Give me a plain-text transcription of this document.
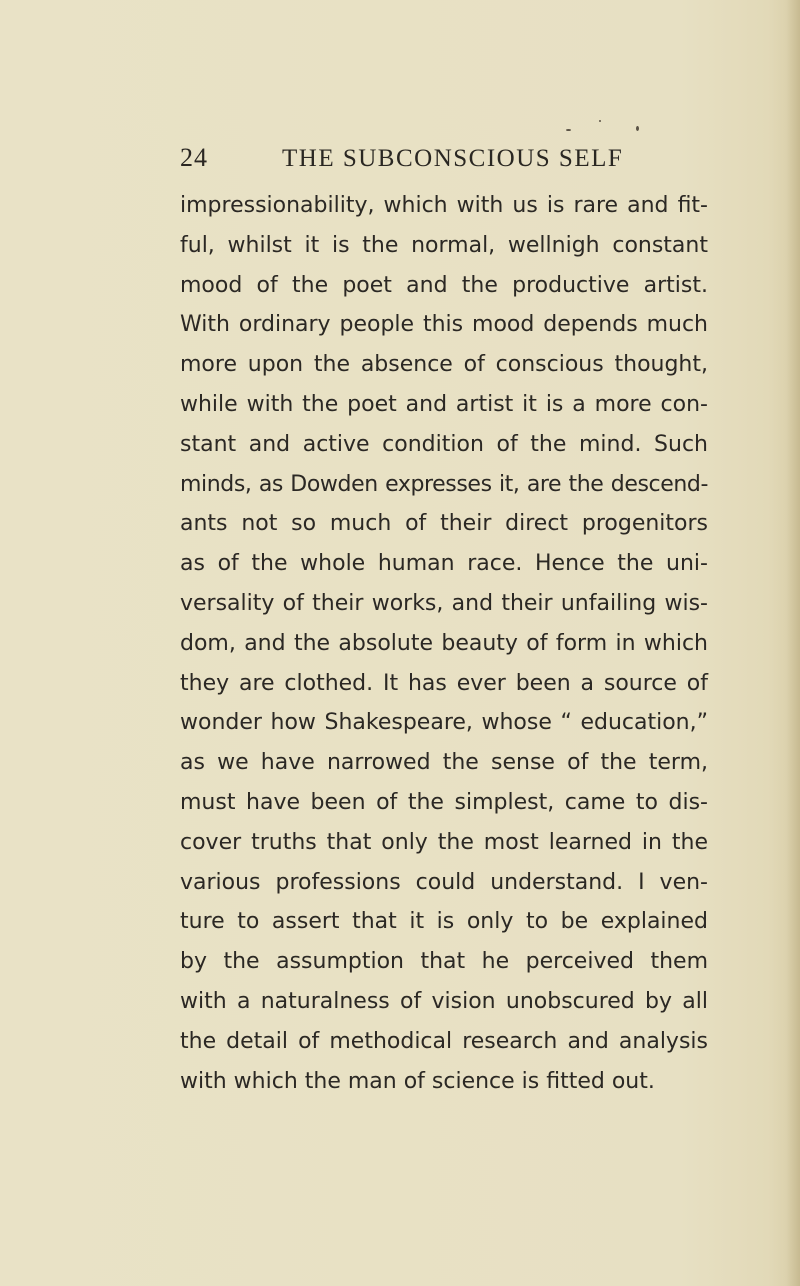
24	THE SUBCONSCIOUS SELF
impressionability, which with us is rare and fit-
ful, whilst it is the normal, wellnigh constant
mood of the poet and the productive artist.
With ordinary people this mood depends much
more upon the absence of conscious thought,
while with the poet and artist it is a more con-
stant and active condition of the mind. Such
minds, as Dowden expresses it, are the descend-
ants not so much of their direct progenitors
as of the whole human race. Hence the uni-
versality of their works, and their unfailing wis-
dom, and the absolute beauty of form in which
they are clothed. It has ever been a source of
wonder how Shakespeare, whose “ education,”
as we have narrowed the sense of the term,
must have been of the simplest, came to dis-
cover truths that only the most learned in the
various professions could understand. I ven-
ture to assert that it is only to be explained
by the assumption that he perceived them
with a naturalness of vision unobscured by all
the detail of methodical research and analysis
with which the man of science is fitted out.
